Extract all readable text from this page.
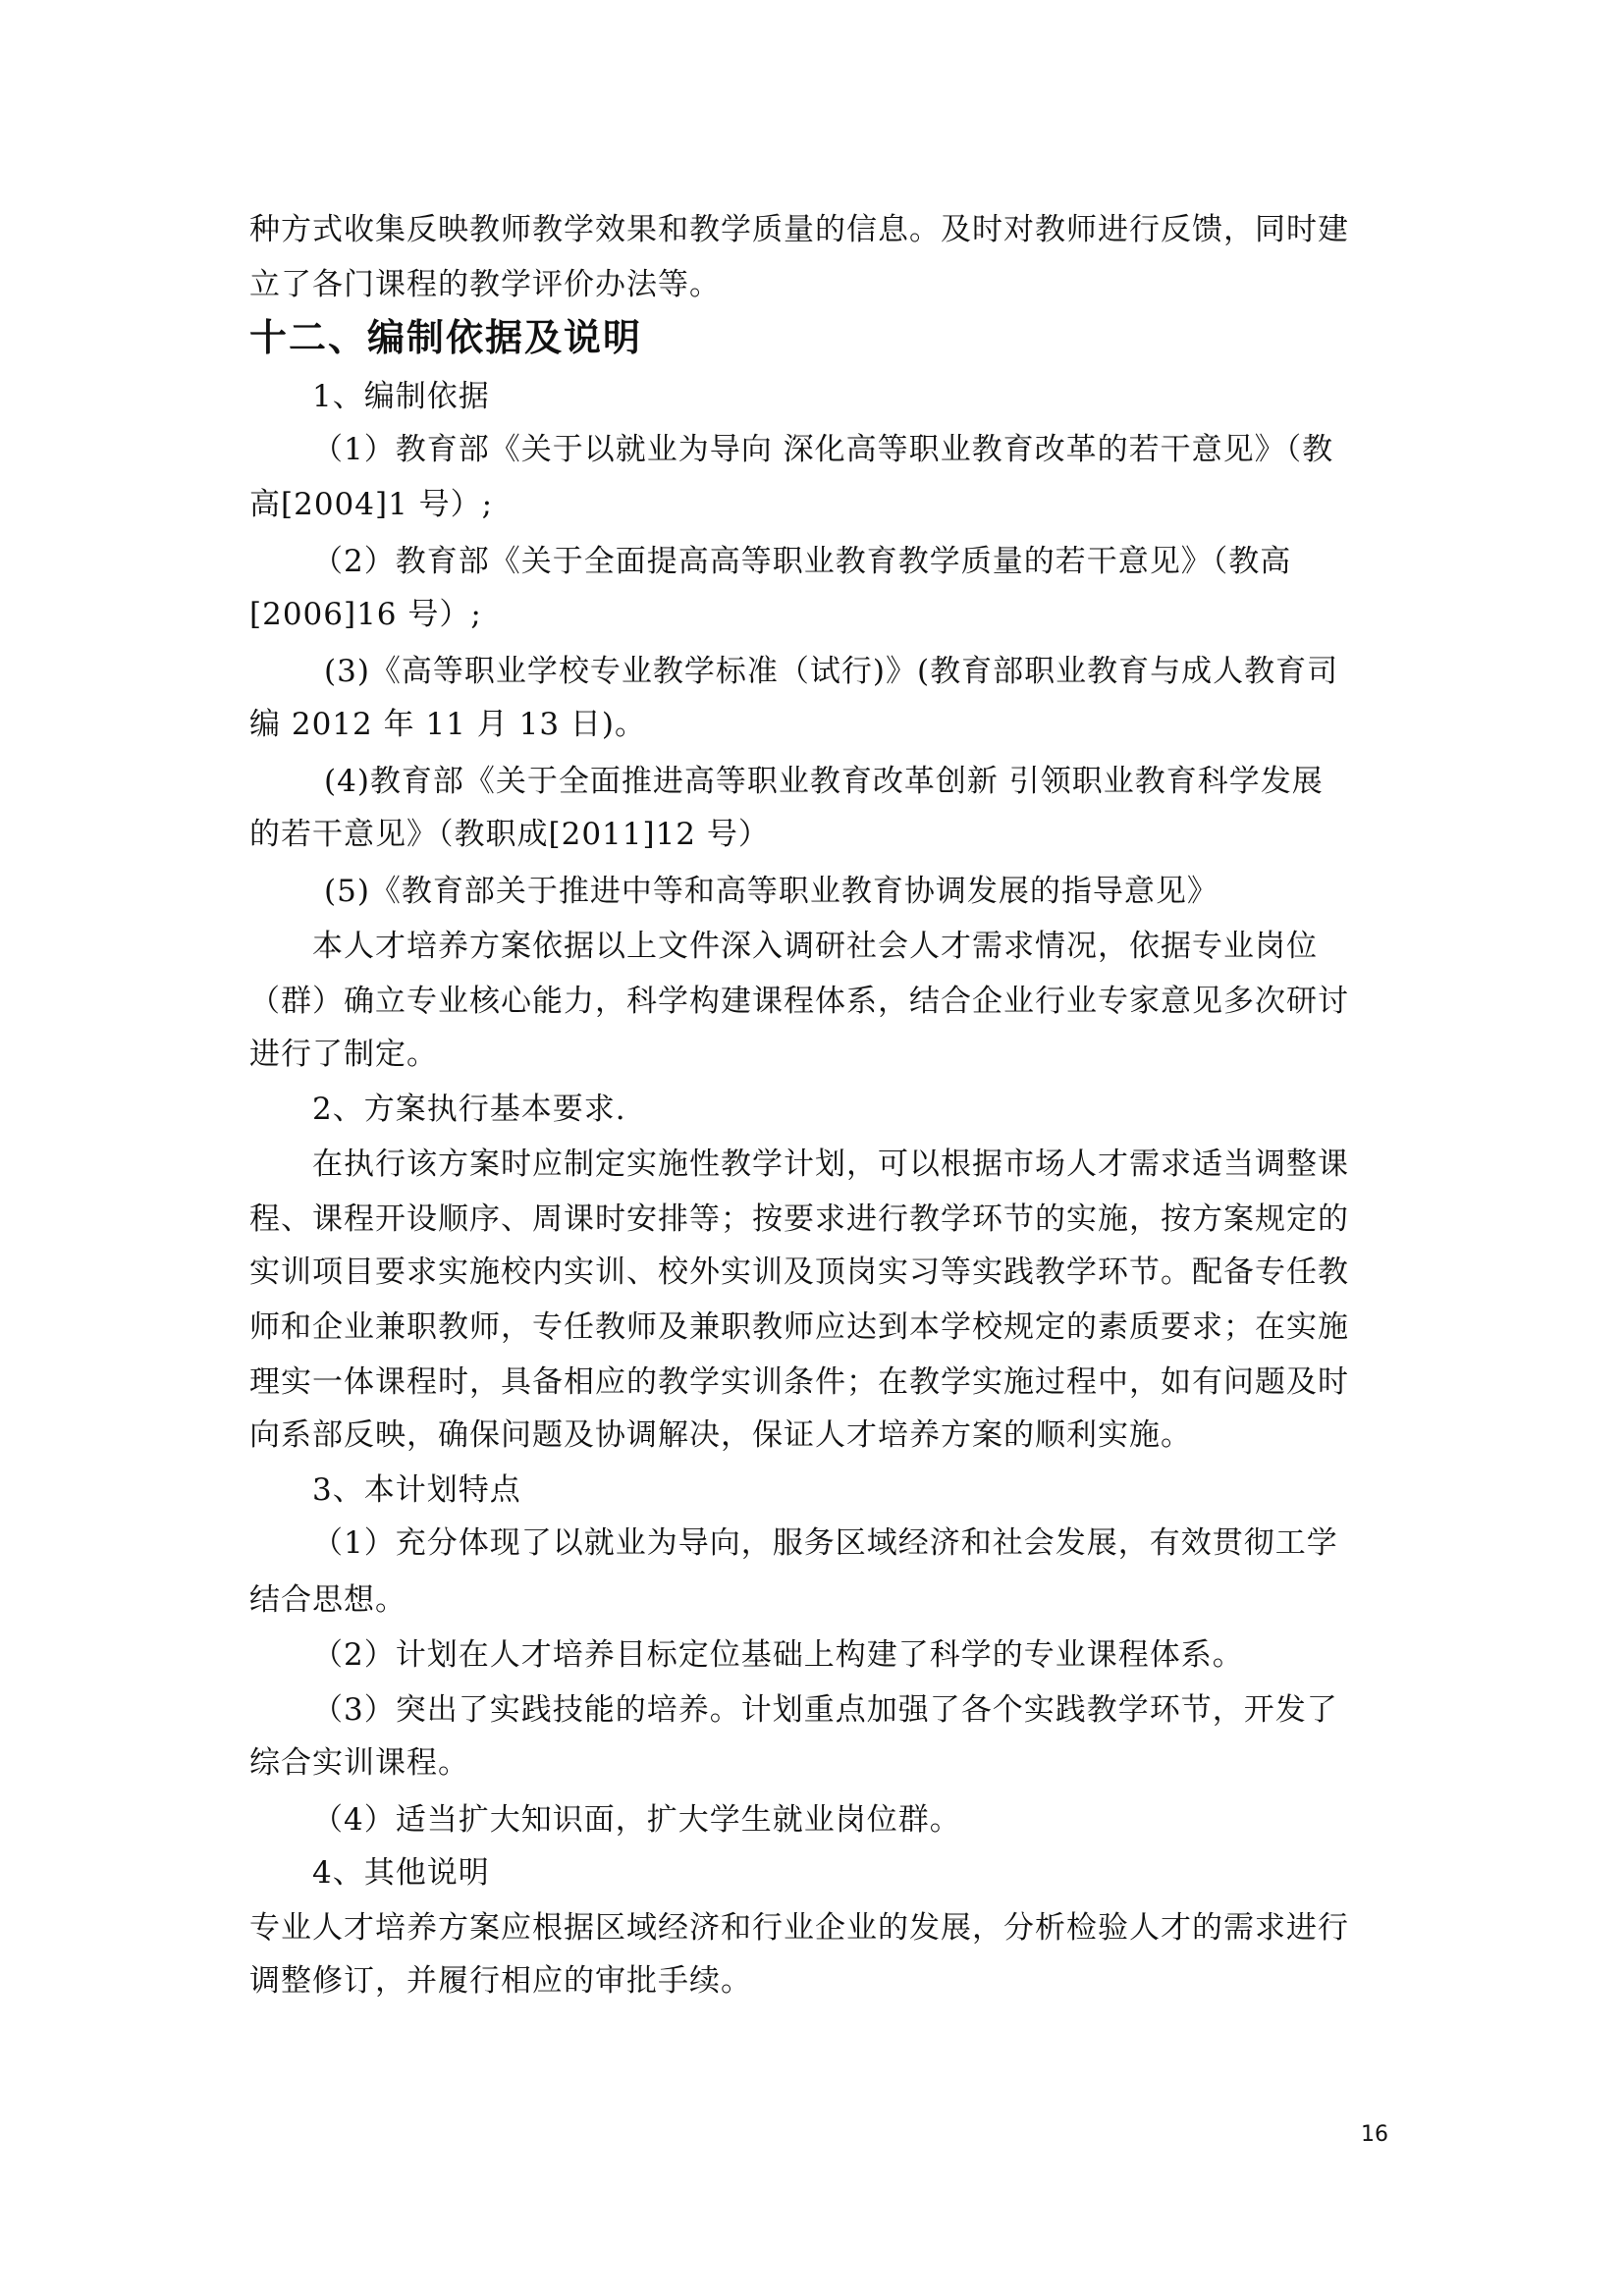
种方式收集反映教师教学效果和教学质量的信息。及时对教师进行反馈，同时建
立了各门课程的教学评价办法等。
十二、编制依据及说明
1、编制依据
（1）教育部《关于以就业为导向 深化高等职业教育改革的若干意见》（教
高[2004]1 号）;
（2）教育部《关于全面提高高等职业教育教学质量的若干意见》（教高
[2006]16 号）;
(3)《高等职业学校专业教学标准（试行)》(教育部职业教育与成人教育司
编 2012 年 11 月 13 日)。
(4)教育部《关于全面推进高等职业教育改革创新 引领职业教育科学发展
的若干意见》（教职成[2011]12 号）
(5)《教育部关于推进中等和高等职业教育协调发展的指导意见》
本人才培养方案依据以上文件深入调研社会人才需求情况，依据专业岗位
（群）确立专业核心能力，科学构建课程体系，结合企业行业专家意见多次研讨
进行了制定。
2、方案执行基本要求.
在执行该方案时应制定实施性教学计划，可以根据市场人才需求适当调整课
程、课程开设顺序、周课时安排等；按要求进行教学环节的实施，按方案规定的
实训项目要求实施校内实训、校外实训及顶岗实习等实践教学环节。配备专任教
师和企业兼职教师，专任教师及兼职教师应达到本学校规定的素质要求；在实施
理实一体课程时，具备相应的教学实训条件；在教学实施过程中，如有问题及时
向系部反映，确保问题及协调解决，保证人才培养方案的顺利实施。
3、本计划特点
（1）充分体现了以就业为导向，服务区域经济和社会发展，有效贯彻工学
结合思想。
（2）计划在人才培养目标定位基础上构建了科学的专业课程体系。
（3）突出了实践技能的培养。计划重点加强了各个实践教学环节，开发了
综合实训课程。
（4）适当扩大知识面，扩大学生就业岗位群。
4、其他说明
专业人才培养方案应根据区域经济和行业企业的发展，分析检验人才的需求进行
调整修订，并履行相应的审批手续。
16
